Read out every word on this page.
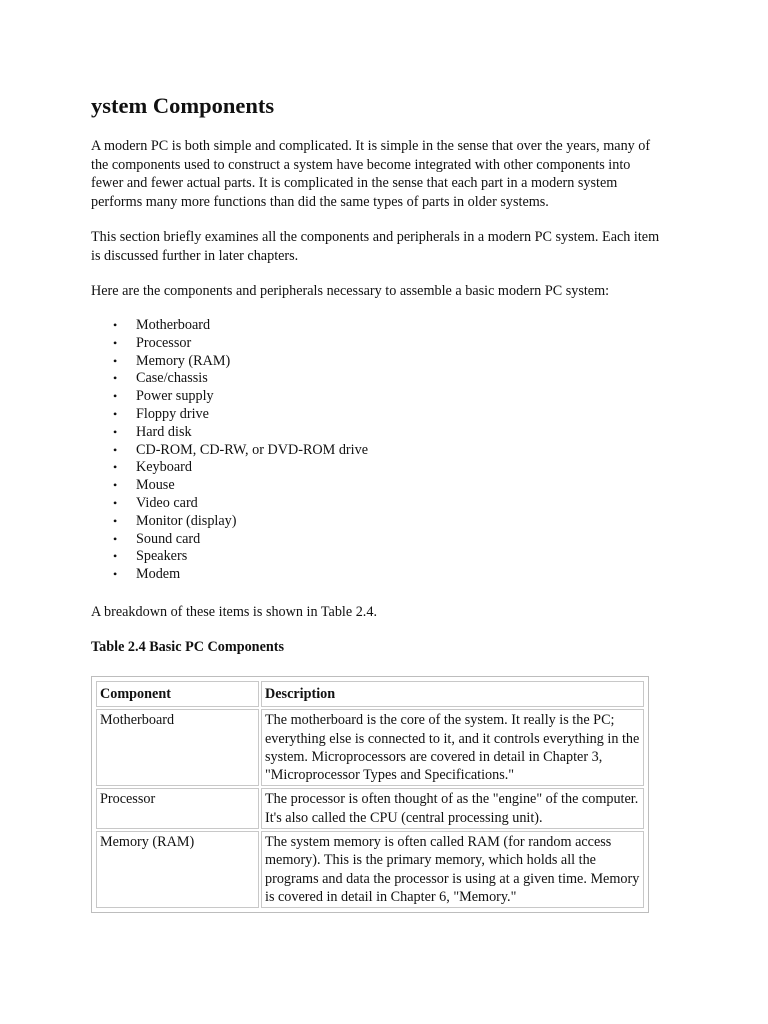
ystem Components

A modern PC is both simple and complicated. It is simple in the sense that over the years, many of the components used to construct a system have become integrated with other components into fewer and fewer actual parts. It is complicated in the sense that each part in a modern system performs many more functions than did the same types of parts in older systems.

This section briefly examines all the components and peripherals in a modern PC system. Each item is discussed further in later chapters.

Here are the components and peripherals necessary to assemble a basic modern PC system:

• Motherboard
• Processor
• Memory (RAM)
• Case/chassis
• Power supply
• Floppy drive
• Hard disk
• CD-ROM, CD-RW, or DVD-ROM drive
• Keyboard
• Mouse
• Video card
• Monitor (display)
• Sound card
• Speakers
• Modem

A breakdown of these items is shown in Table 2.4.

Table 2.4 Basic PC Components

Component	Description
Motherboard	The motherboard is the core of the system. It really is the PC; everything else is connected to it, and it controls everything in the system. Microprocessors are covered in detail in Chapter 3, "Microprocessor Types and Specifications."
Processor	The processor is often thought of as the "engine" of the computer. It's also called the CPU (central processing unit).
Memory (RAM)	The system memory is often called RAM (for random access memory). This is the primary memory, which holds all the programs and data the processor is using at a given time. Memory is covered in detail in Chapter 6, "Memory."
